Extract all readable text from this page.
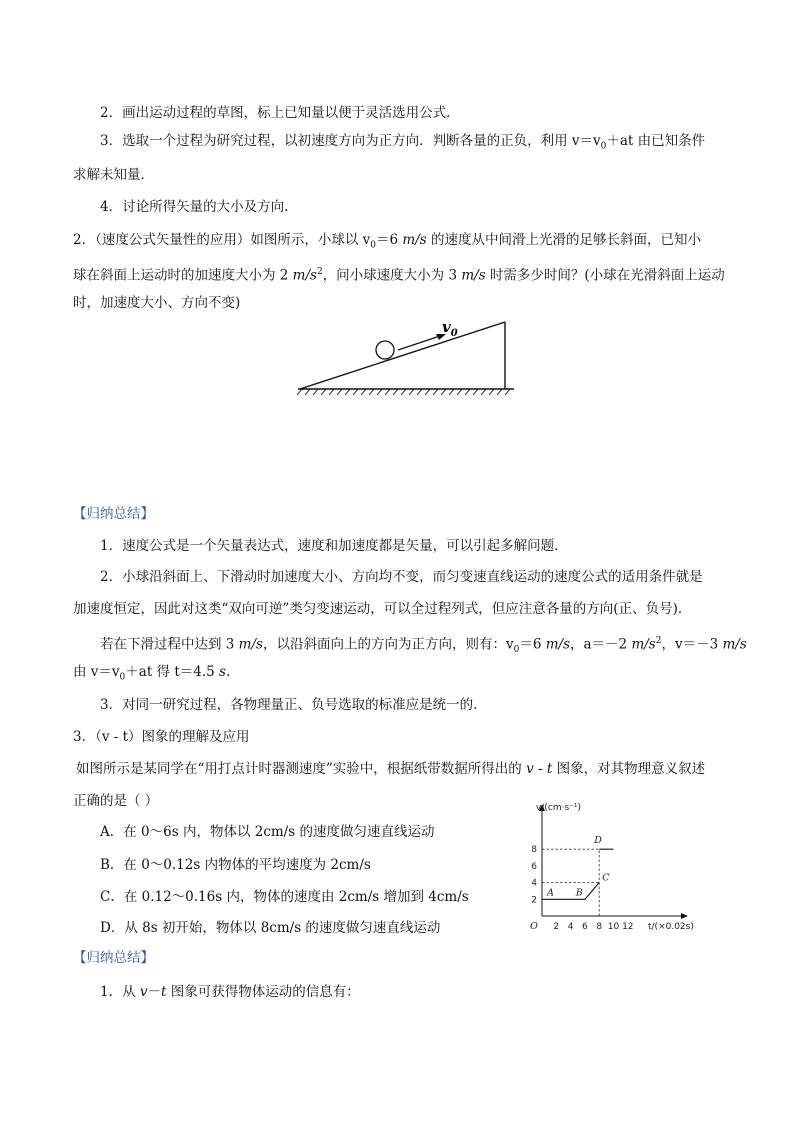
2．画出运动过程的草图，标上已知量以便于灵活选用公式．
3．选取一个过程为研究过程，以初速度方向为正方向．判断各量的正负，利用 $v=v_0+at$ 由已知条件
求解未知量．
4．讨论所得矢量的大小及方向.
2．（速度公式矢量性的应用）如图所示，小球以 $v_0=6$ m/s 的速度从中间滑上光滑的足够长斜面，已知小
球在斜面上运动时的加速度大小为 2 $m/s^2$，问小球速度大小为 3 m/s 时需多少时间？(小球在光滑斜面上运动
时，加速度大小、方向不变)
$v_0$
【归纳总结】
1．速度公式是一个矢量表达式，速度和加速度都是矢量，可以引起多解问题．
2．小球沿斜面上、下滑动时加速度大小、方向均不变，而匀变速直线运动的速度公式的适用条件就是
加速度恒定，因此对这类“双向可逆”类匀变速运动，可以全过程列式，但应注意各量的方向(正、负号)．
若在下滑过程中达到 3 m/s，以沿斜面向上的方向为正方向，则有：$v_0=6$ m/s，a＝－2 $m/s^2$，v＝－3 m/s
由 $v=v_0+at$ 得 t＝4.5 s.
3．对同一研究过程，各物理量正、负号选取的标准应是统一的.
3．（v - t）图象的理解及应用
如图所示是某同学在“用打点计时器测速度”实验中，根据纸带数据所得出的 v - t 图象，对其物理意义叙述
正确的是（ ）
A．在 0～6s 内，物体以 2cm/s 的速度做匀速直线运动
B．在 0～0.12s 内物体的平均速度为 2cm/s
C．在 0.12～0.16s 内，物体的速度由 2cm/s 增加到 4cm/s
D．从 8s 初开始，物体以 8cm/s 的速度做匀速直线运动	2 4 6 8 10 12
2
4
6
8
A B
C
D
O	t/(×0.02s)
v/(cm·s⁻¹)
【归纳总结】
1．从 v－t 图象可获得物体运动的信息有：
